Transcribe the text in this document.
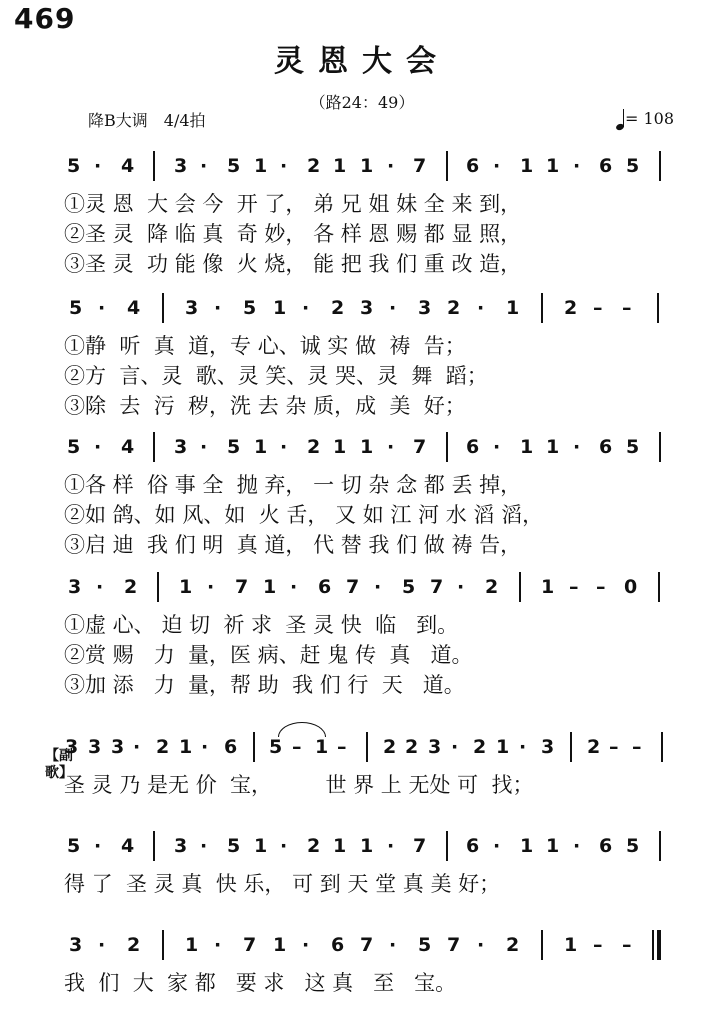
469
灵恩大会
（路24：49）
降B大调　4/4拍	= 108
5 · 4 3 · 5 1 · 2 1 1 · 7 6 · 1 1 · 6 5
①灵 恩  大 会 今  开 了， 弟 兄 姐 妹 全 来 到，
②圣 灵  降 临 真  奇 妙， 各 样 恩 赐 都 显 照，
③圣 灵  功 能 像  火 烧， 能 把 我 们 重 改 造，
5 · 4 3 · 5 1 · 2 3 · 3 2 · 1 2 – –
①静  听  真  道，专 心、诚 实 做  祷  告；
②方  言、灵  歌、灵 笑、灵 哭、灵  舞  蹈；
③除  去  污  秽，洗 去 杂 质，成  美  好；
5 · 4 3 · 5 1 · 2 1 1 · 7 6 · 1 1 · 6 5
①各 样  俗 事 全  抛 弃， 一 切 杂 念 都 丢 掉，
②如 鸽、如 风、如  火 舌， 又 如 江 河 水 滔 滔，
③启 迪  我 们 明  真 道， 代 替 我 们 做 祷 告，
3 · 2 1 · 7 1 · 6 7 · 5 7 · 2 1 – – 0
①虚 心、 迫 切  祈 求  圣 灵 快  临   到。
②赏 赐   力  量，医 病、赶 鬼 传  真   道。
③加 添   力  量，帮 助  我 们 行  天   道。
【副歌】
3 3 3 · 2 1 · 6 5 – 1 – 2 2 3 · 2 1 · 3 2 – –
圣 灵 乃 是无 价  宝，        世 界 上 无处 可  找；
5 · 4 3 · 5 1 · 2 1 1 · 7 6 · 1 1 · 6 5
得 了  圣 灵 真  快 乐， 可 到 天 堂 真 美 好；
3 · 2 1 · 7 1 · 6 7 · 5 7 · 2 1 – –
我  们  大  家 都   要 求   这 真   至   宝。
